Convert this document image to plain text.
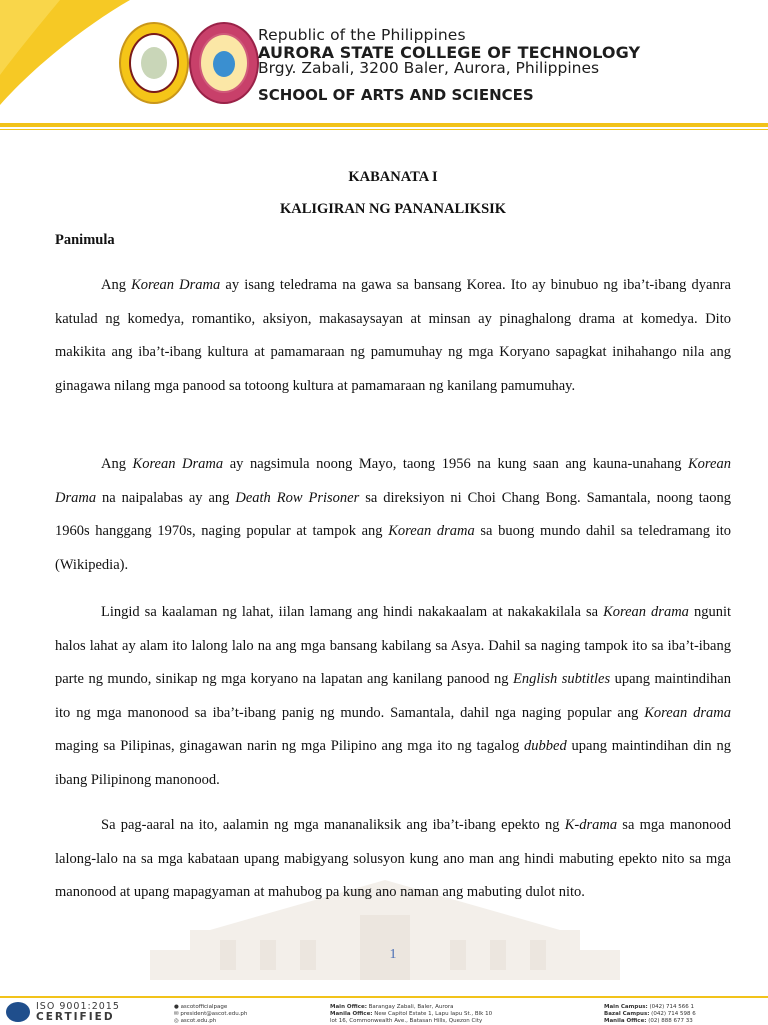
Republic of the Philippines
AURORA STATE COLLEGE OF TECHNOLOGY
Brgy. Zabali, 3200 Baler, Aurora, Philippines
SCHOOL OF ARTS AND SCIENCES
KABANATA I
KALIGIRAN NG PANANALIKSIK
Panimula

Ang Korean Drama ay isang teledrama na gawa sa bansang Korea. Ito ay binubuo ng iba’t-ibang dyanra katulad ng komedya, romantiko, aksiyon, makasaysayan at minsan ay pinaghalong drama at komedya. Dito makikita ang iba’t-ibang kultura at pamamaraan ng pamumuhay ng mga Koryano sapagkat inihahango nila ang ginagawa nilang mga panood sa totoong kultura at pamamaraan ng kanilang pamumuhay.

Ang Korean Drama ay nagsimula noong Mayo, taong 1956 na kung saan ang kauna-unahang Korean Drama na naipalabas ay ang Death Row Prisoner sa direksiyon ni Choi Chang Bong. Samantala, noong taong 1960s hanggang 1970s, naging popular at tampok ang Korean drama sa buong mundo dahil sa teledramang ito (Wikipedia).

Lingid sa kaalaman ng lahat, iilan lamang ang hindi nakakaalam at nakakakilala sa Korean drama ngunit halos lahat ay alam ito lalong lalo na ang mga bansang kabilang sa Asya. Dahil sa naging tampok ito sa iba’t-ibang parte ng mundo, sinikap ng mga koryano na lapatan ang kanilang panood ng English subtitles upang maintindihan ito ng mga manonood sa iba’t-ibang panig ng mundo. Samantala, dahil nga naging popular ang Korean drama maging sa Pilipinas, ginagawan narin ng mga Pilipino ang mga ito ng tagalog dubbed upang maintindihan din ng ibang Pilipinong manonood.

Sa pag-aaral na ito, aalamin ng mga mananaliksik ang iba’t-ibang epekto ng K-drama sa mga manonood lalong-lalo na sa mga kabataan upang mabigyang solusyon kung ano man ang hindi mabuting epekto nito sa mga manonood at upang mapagyaman at mahubog pa kung ano naman ang mabuting dulot nito.

1
ISO 9001:2015
CERTIFIED
● ascotofficialpage
✉ president@ascot.edu.ph
◎ ascot.edu.ph
Main Office: Barangay Zabali, Baler, Aurora
Manila Office: New Capitol Estate 1, Lapu lapu St., Blk 10
lot 16, Commonwealth Ave., Batasan Hills, Quezon City
Main Campus: (042) 714 566 1
Bazal Campus: (042) 714 598 6
Manila Office: (02) 888 677 33
